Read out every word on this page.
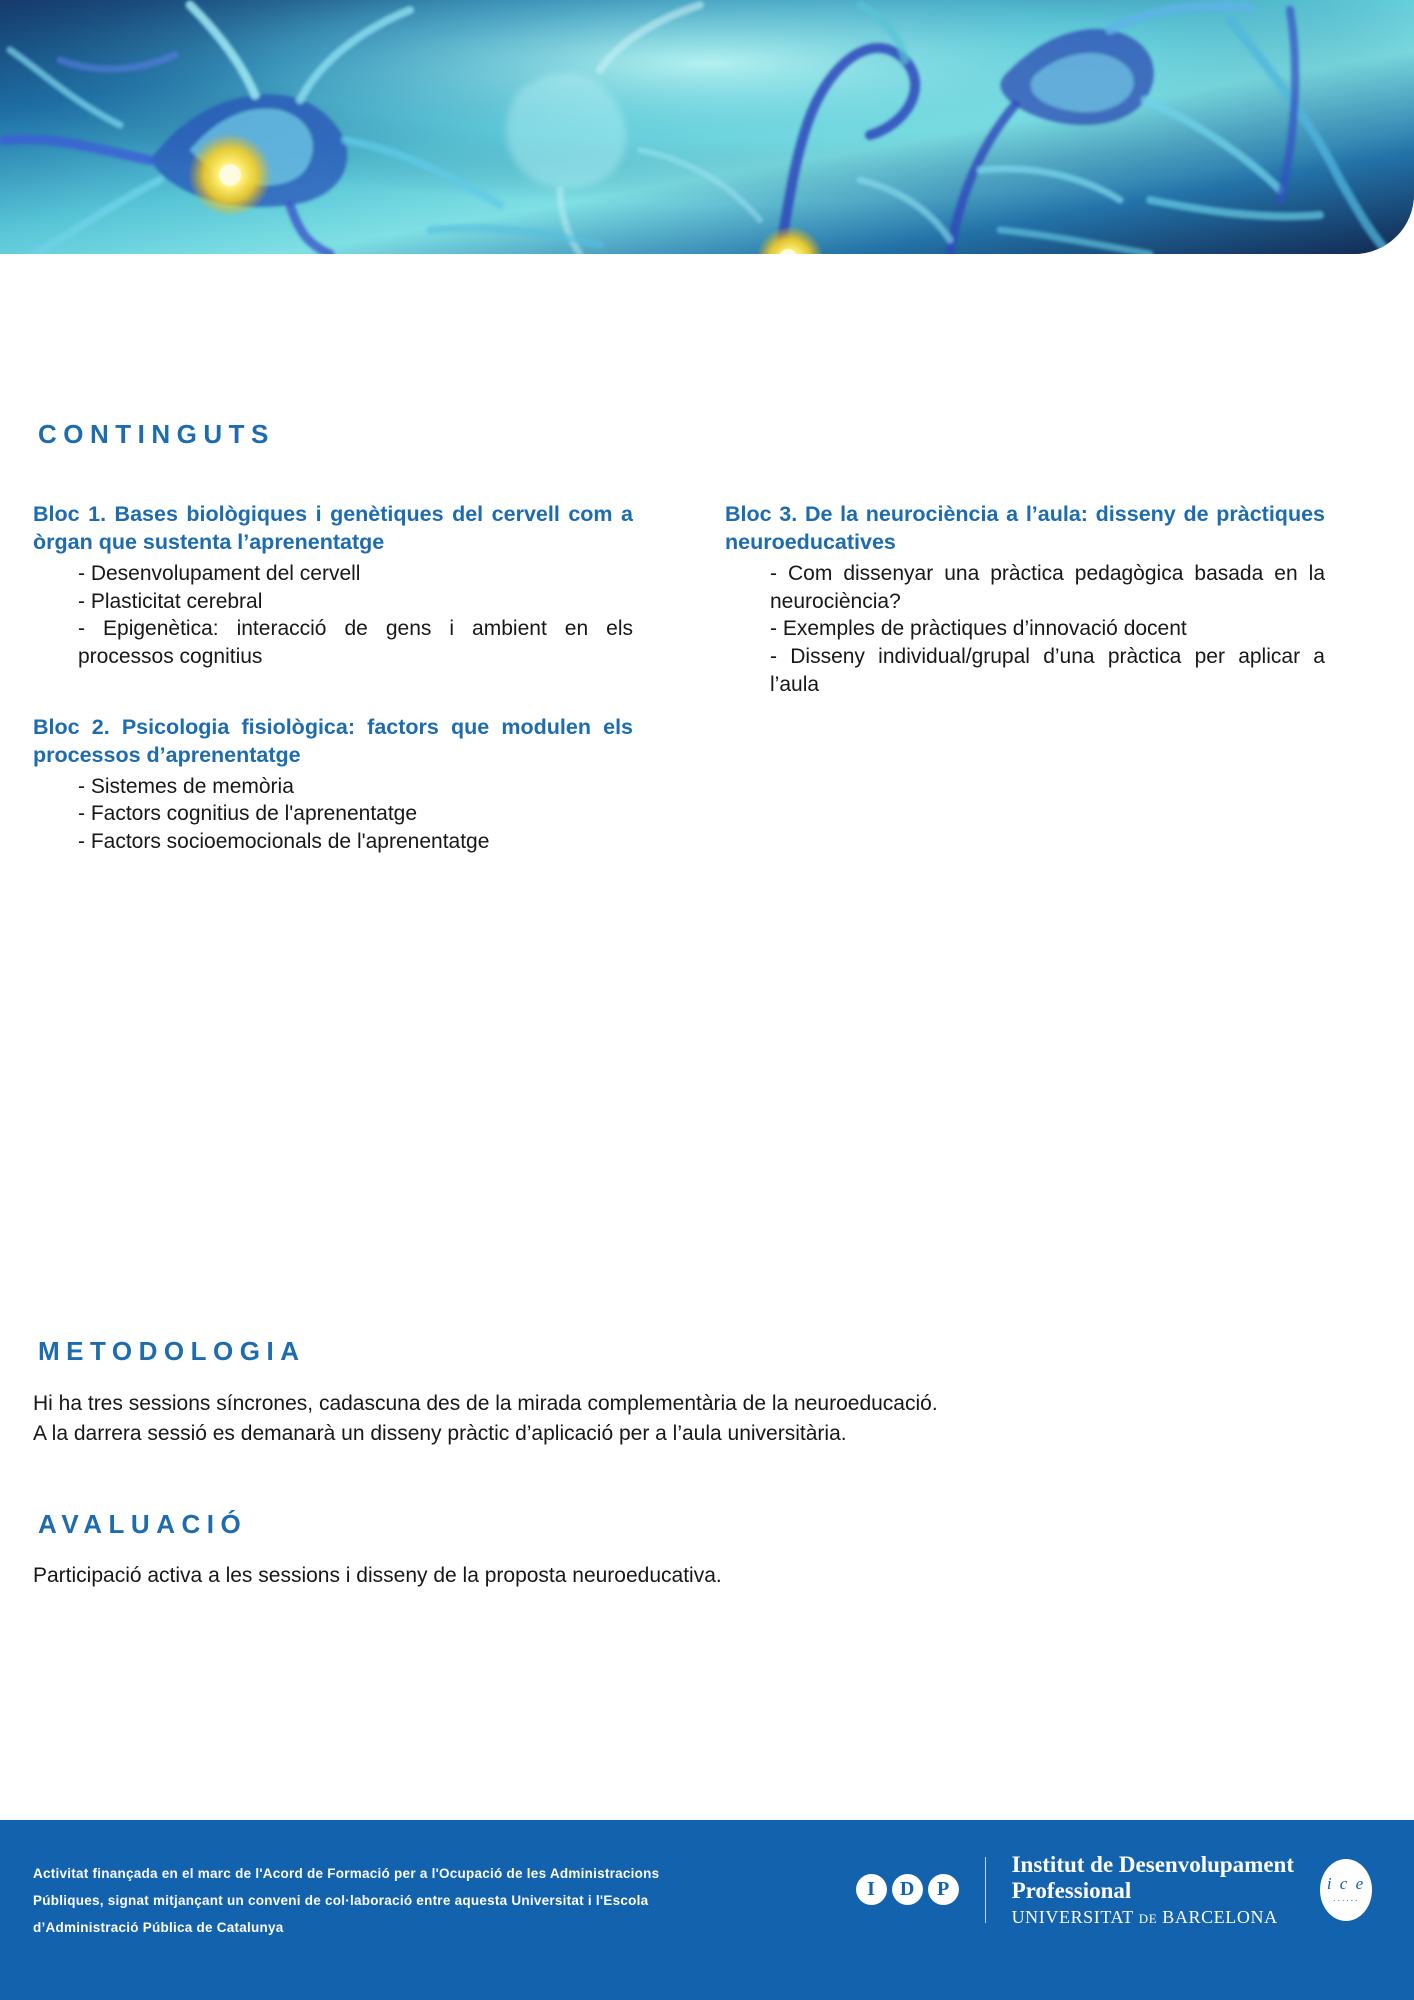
CONTINGUTS
Bloc 1. Bases biològiques i genètiques del cervell com a òrgan que sustenta l’aprenentatge
- Desenvolupament del cervell
- Plasticitat cerebral
- Epigenètica: interacció de gens i ambient en els processos cognitius
Bloc 2. Psicologia fisiològica: factors que modulen els processos d’aprenentatge
- Sistemes de memòria
- Factors cognitius de l'aprenentatge
- Factors socioemocionals de l'aprenentatge
Bloc 3. De la neurociència a l’aula: disseny de pràctiques neuroeducatives
- Com dissenyar una pràctica pedagògica basada en la neurociència?
- Exemples de pràctiques d’innovació docent
- Disseny individual/grupal d’una pràctica per aplicar a l’aula
METODOLOGIA
Hi ha tres sessions síncrones, cadascuna des de la mirada complementària de la neuroeducació.
A la darrera sessió es demanarà un disseny pràctic d’aplicació per a l’aula universitària.
AVALUACIÓ
Participació activa a les sessions i disseny de la proposta neuroeducativa.
Activitat finançada en el marc de l'Acord de Formació per a l'Ocupació de les Administracions
Públiques, signat mitjançant un conveni de col·laboració entre aquesta Universitat i l'Escola
d’Administració Pública de Catalunya
I	D	P
Institut de Desenvolupament
Professional
UNIVERSITAT DE BARCELONA
i c e
······
